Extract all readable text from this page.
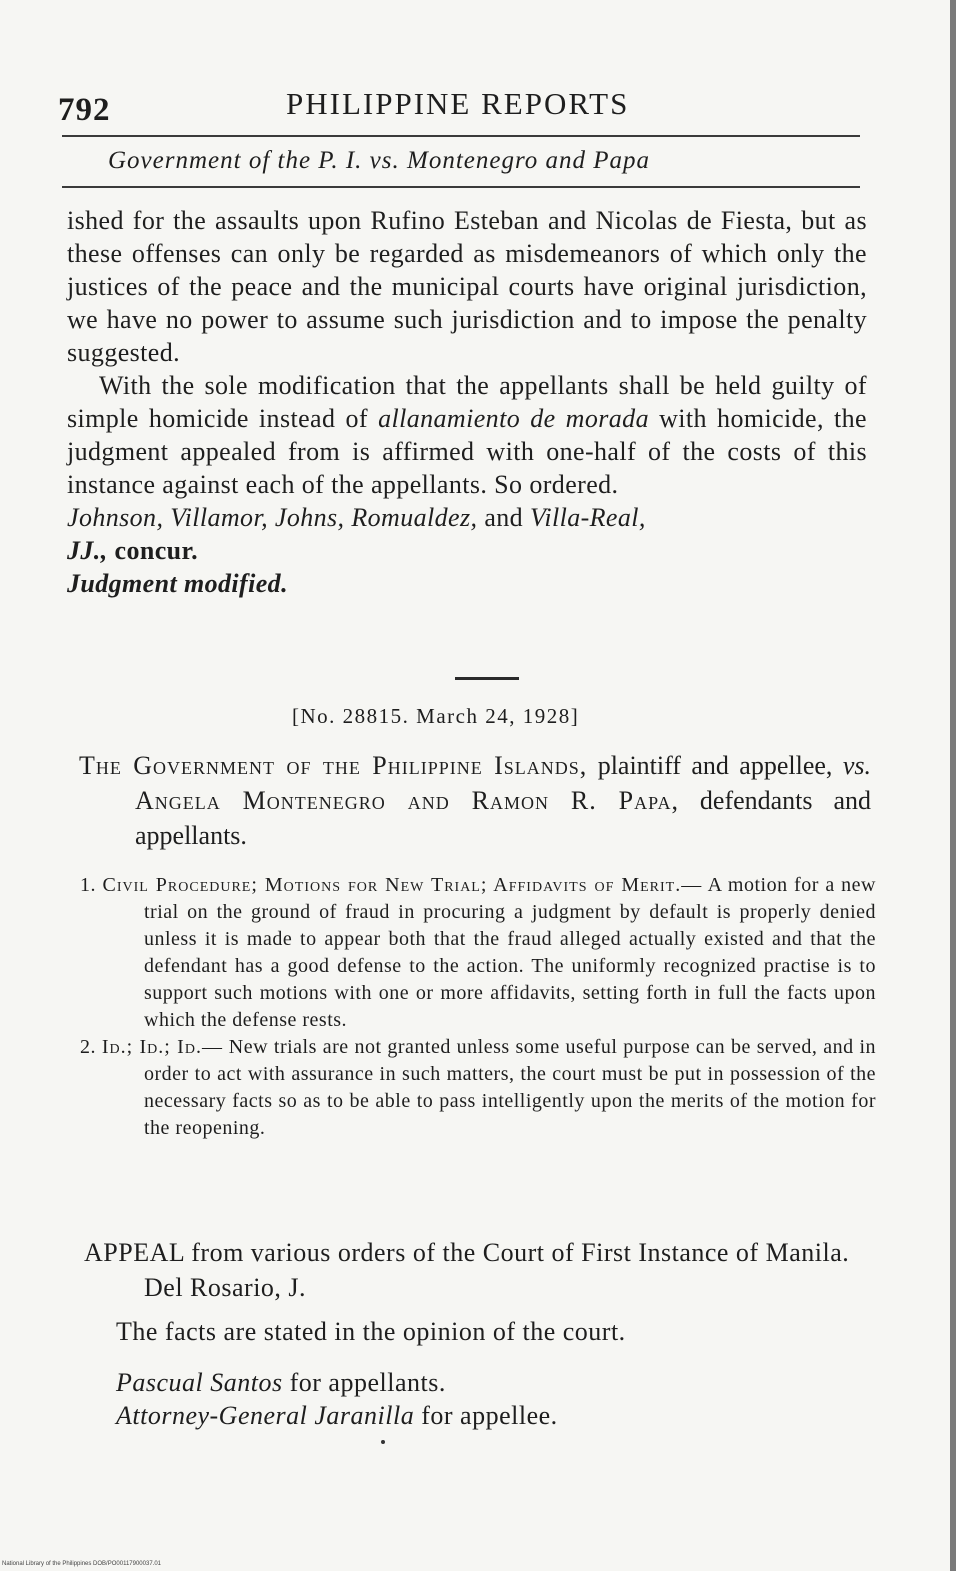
792	PHILIPPINE REPORTS
Government of the P. I. vs. Montenegro and Papa

ished for the assaults upon Rufino Esteban and Nicolas de Fiesta, but as these offenses can only be regarded as misdemeanors of which only the justices of the peace and the municipal courts have original jurisdiction, we have no power to assume such jurisdiction and to impose the penalty suggested.

With the sole modification that the appellants shall be held guilty of simple homicide instead of allanamiento de morada with homicide, the judgment appealed from is affirmed with one-half of the costs of this instance against each of the appellants. So ordered.

Johnson, Villamor, Johns, Romualdez, and Villa-Real,
JJ., concur.

Judgment modified.

[No. 28815. March 24, 1928]

The Government of the Philippine Islands, plaintiff and appellee, vs. Angela Montenegro and Ramon R. Papa, defendants and appellants.

1. Civil Procedure; Motions for New Trial; Affidavits of Merit.— A motion for a new trial on the ground of fraud in procuring a judgment by default is properly denied unless it is made to appear both that the fraud alleged actually existed and that the defendant has a good defense to the action. The uniformly recognized practise is to support such motions with one or more affidavits, setting forth in full the facts upon which the defense rests.

2. Id.; Id.; Id.— New trials are not granted unless some useful purpose can be served, and in order to act with assurance in such matters, the court must be put in possession of the necessary facts so as to be able to pass intelligently upon the merits of the motion for the reopening.

APPEAL from various orders of the Court of First Instance of Manila. Del Rosario, J.

The facts are stated in the opinion of the court.

Pascual Santos for appellants.

Attorney-General Jaranilla for appellee.

National Library of the Philippines DOB/PO00117900037.01
